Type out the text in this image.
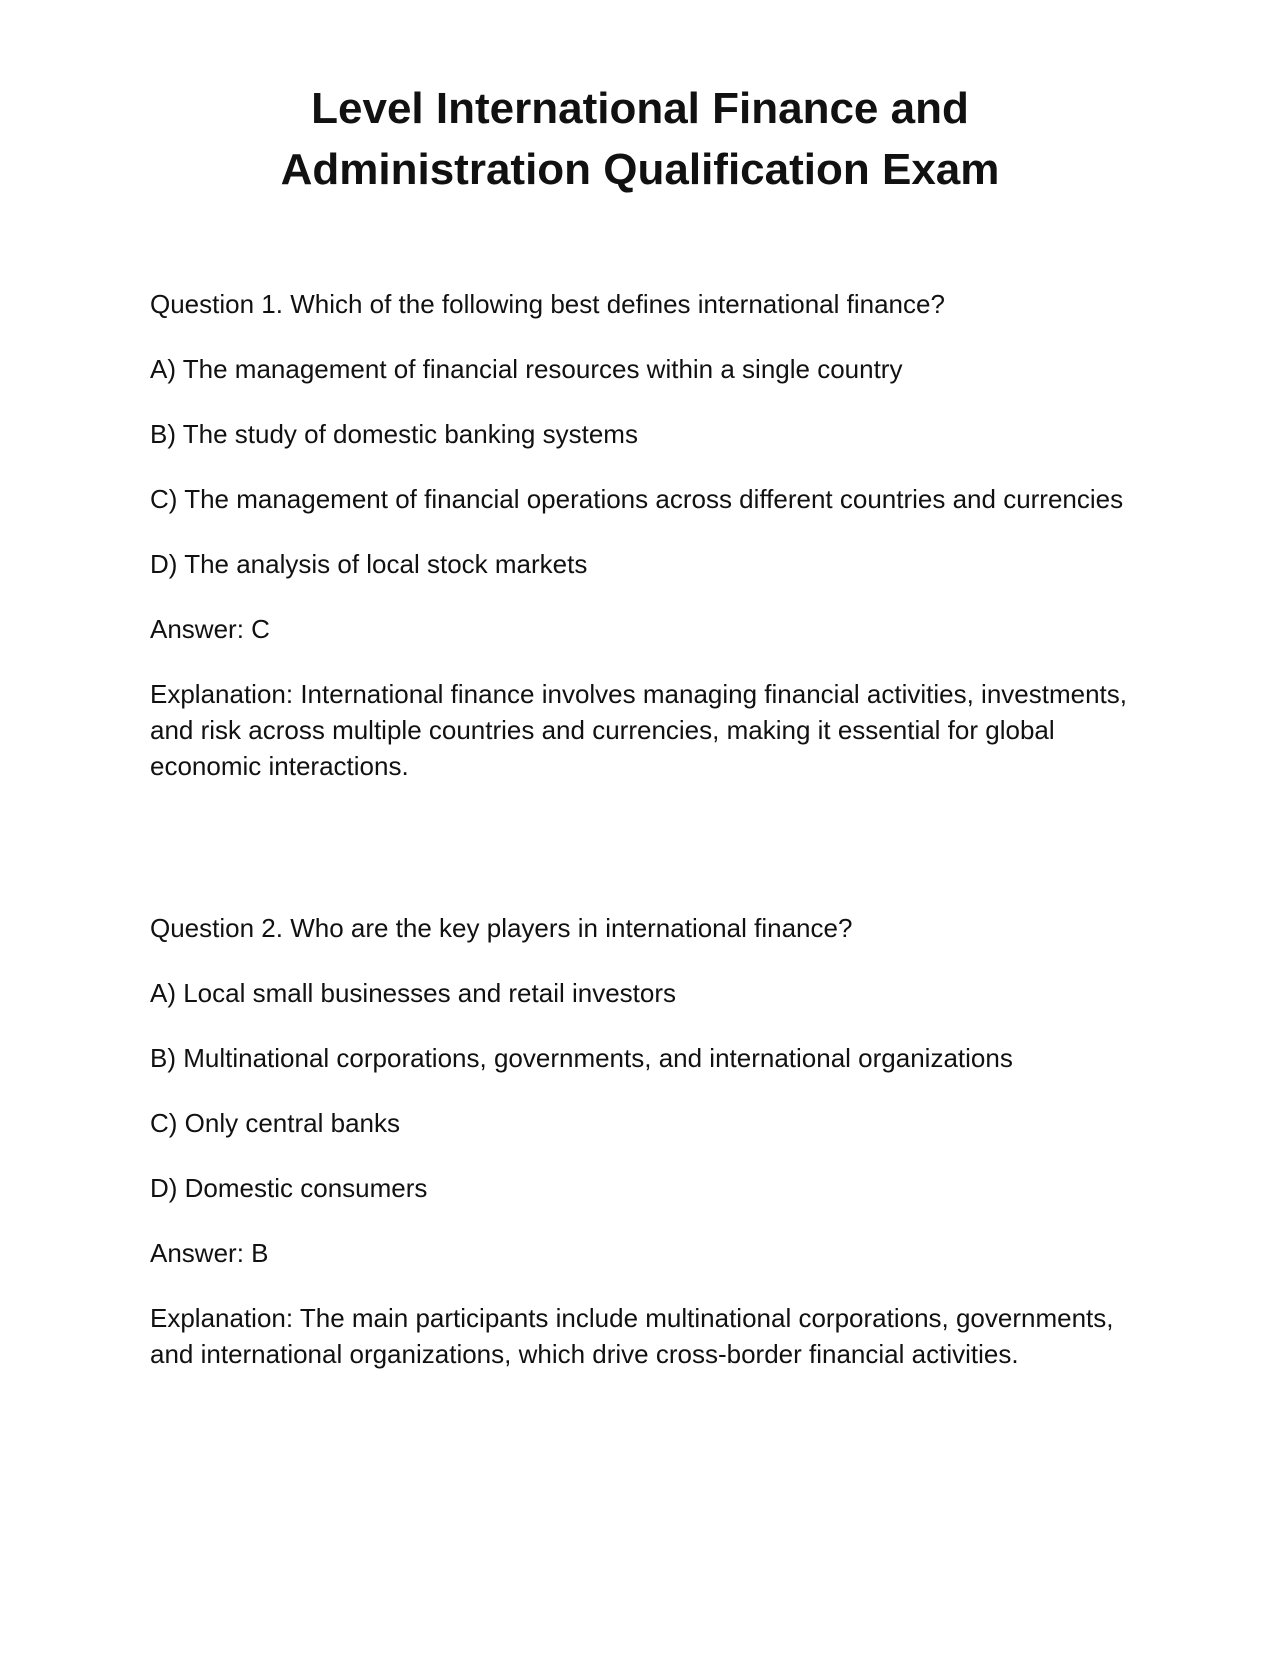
Level International Finance and
Administration Qualification Exam

Question 1. Which of the following best defines international finance?

A) The management of financial resources within a single country

B) The study of domestic banking systems

C) The management of financial operations across different countries and currencies

D) The analysis of local stock markets

Answer: C

Explanation: International finance involves managing financial activities, investments, and risk across multiple countries and currencies, making it essential for global economic interactions.

Question 2. Who are the key players in international finance?

A) Local small businesses and retail investors

B) Multinational corporations, governments, and international organizations

C) Only central banks

D) Domestic consumers

Answer: B

Explanation: The main participants include multinational corporations, governments, and international organizations, which drive cross-border financial activities.
